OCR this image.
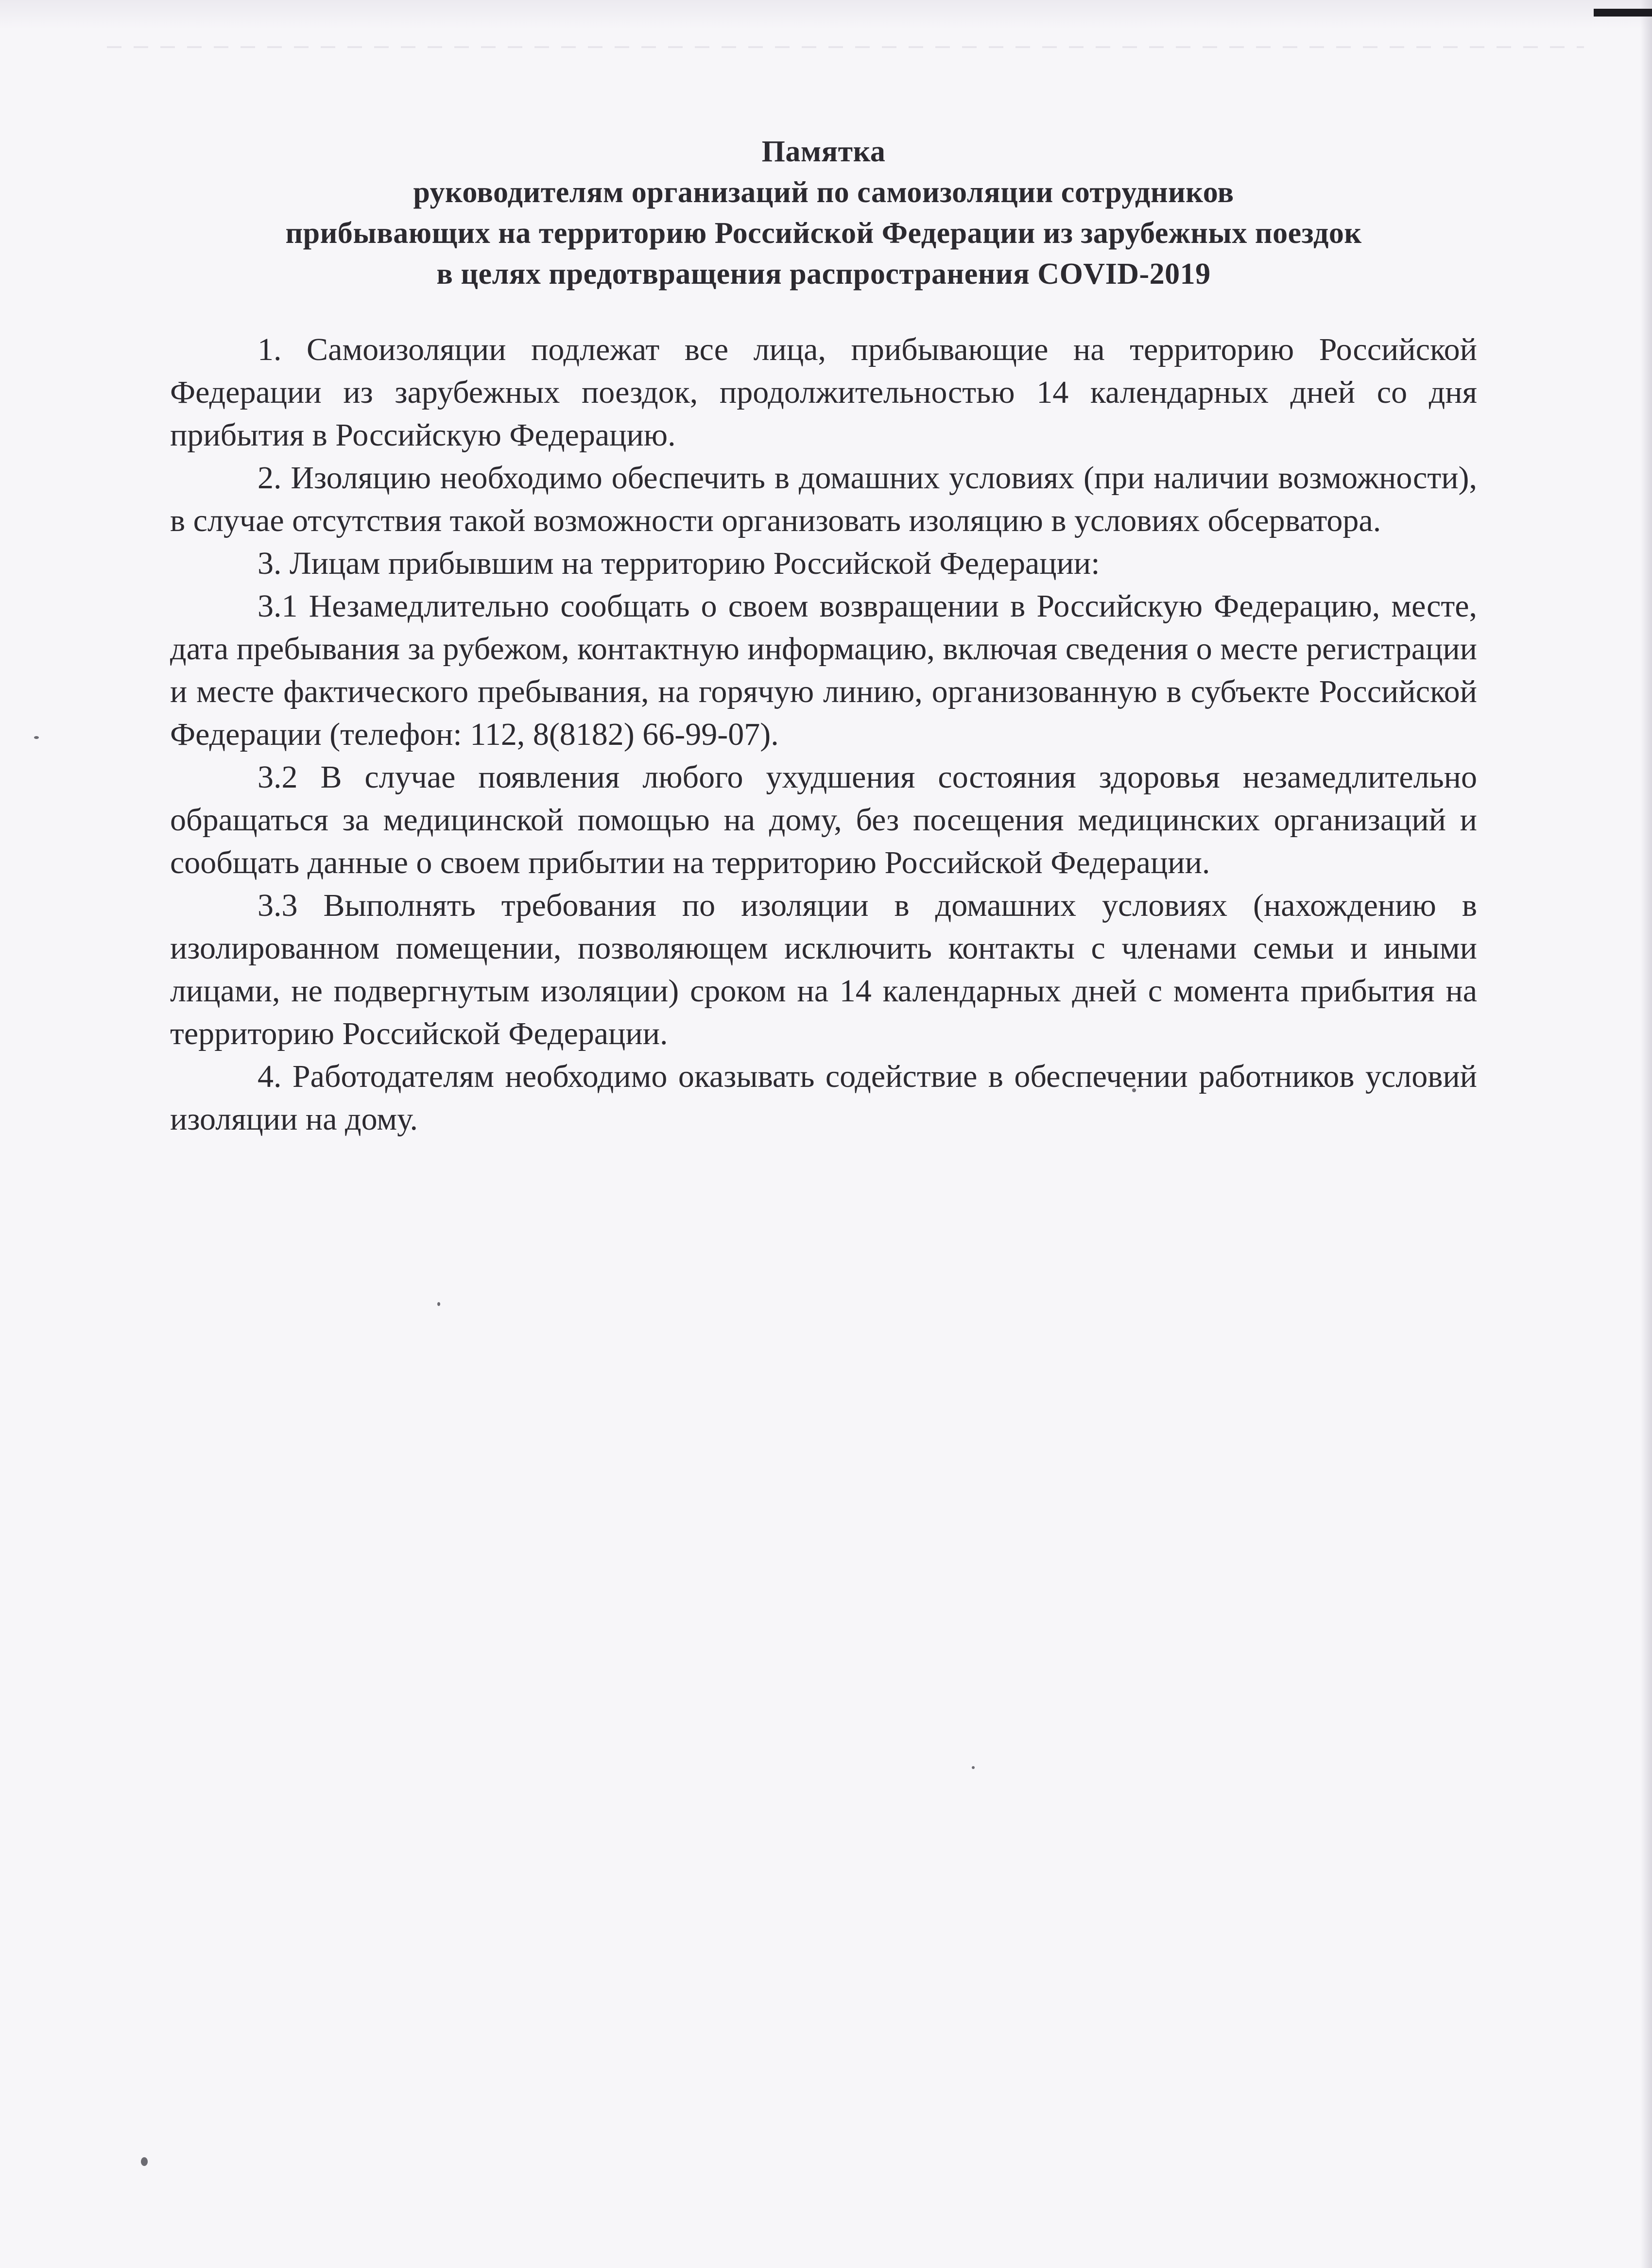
Памятка
руководителям организаций по самоизоляции сотрудников
прибывающих на территорию Российской Федерации из зарубежных поездок
в целях предотвращения распространения COVID-2019

1. Самоизоляции подлежат все лица, прибывающие на территорию Российской Федерации из зарубежных поездок, продолжительностью 14 календарных дней со дня прибытия в Российскую Федерацию.

2. Изоляцию необходимо обеспечить в домашних условиях (при наличии возможности), в случае отсутствия такой возможности организовать изоляцию в условиях обсерватора.

3. Лицам прибывшим на территорию Российской Федерации:

3.1 Незамедлительно сообщать о своем возвращении в Российскую Федерацию, месте, дата пребывания за рубежом, контактную информацию, включая сведения о месте регистрации и месте фактического пребывания, на горячую линию, организованную в субъекте Российской Федерации (телефон: 112, 8(8182) 66-99-07).

3.2 В случае появления любого ухудшения состояния здоровья незамедлительно обращаться за медицинской помощью на дому, без посещения медицинских организаций и сообщать данные о своем прибытии на территорию Российской Федерации.

3.3 Выполнять требования по изоляции в домашних условиях (нахождению в изолированном помещении, позволяющем исключить контакты с членами семьи и иными лицами, не подвергнутым изоляции) сроком на 14 календарных дней с момента прибытия на территорию Российской Федерации.

4. Работодателям необходимо оказывать содействие в обеспечении работников условий изоляции на дому.
